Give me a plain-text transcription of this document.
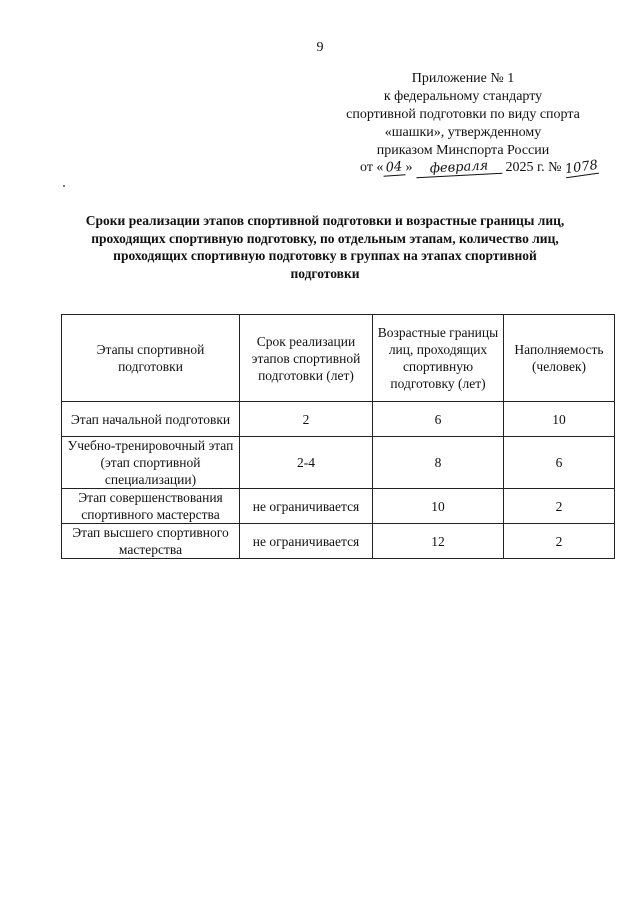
9
Приложение № 1
к федеральному стандарту
спортивной подготовки по виду спорта
«шашки», утвержденному
приказом Минспорта России
от « 04 » февраля 2025 г. № 1078
Сроки реализации этапов спортивной подготовки и возрастные границы лиц,
проходящих спортивную подготовку, по отдельным этапам, количество лиц,
проходящих спортивную подготовку в группах на этапах спортивной
подготовки
Этапы спортивной подготовки	Срок реализации этапов спортивной подготовки (лет)	Возрастные границы лиц, проходящих спортивную подготовку (лет)	Наполняемость (человек)
Этап начальной подготовки	2	6	10
Учебно-тренировочный этап (этап спортивной специализации)	2-4	8	6
Этап совершенствования спортивного мастерства	не ограничивается	10	2
Этап высшего спортивного мастерства	не ограничивается	12	2
